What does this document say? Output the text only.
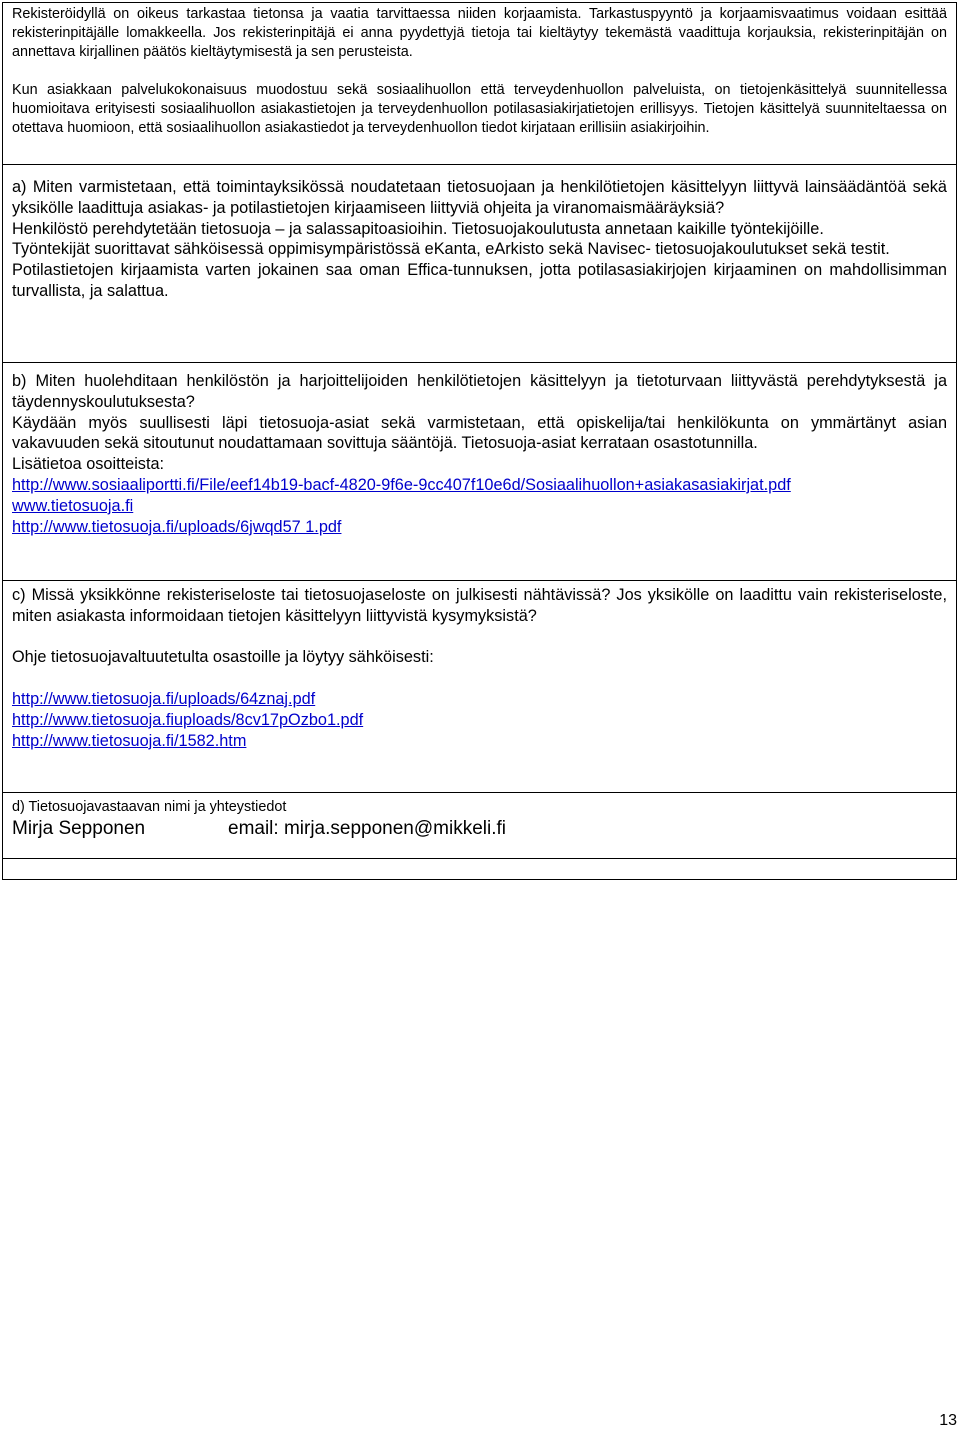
Rekisteröidyllä on oikeus tarkastaa tietonsa ja vaatia tarvittaessa niiden korjaamista. Tarkastuspyyntö ja korjaamisvaatimus voidaan esittää rekisterinpitäjälle lomakkeella. Jos rekisterinpitäjä ei anna pyydettyjä tietoja tai kieltäytyy tekemästä vaadittuja korjauksia, rekisterinpitäjän on annettava kirjallinen päätös kieltäytymisestä ja sen perusteista.

Kun asiakkaan palvelukokonaisuus muodostuu sekä sosiaalihuollon että terveydenhuollon palveluista, on tietojenkäsittelyä suunnitellessa huomioitava erityisesti sosiaalihuollon asiakastietojen ja terveydenhuollon potilasasiakirjatietojen erillisyys. Tietojen käsittelyä suunniteltaessa on otettava huomioon, että sosiaalihuollon asiakastiedot ja terveydenhuollon tiedot kirjataan erillisiin asiakirjoihin.

a) Miten varmistetaan, että toimintayksikössä noudatetaan tietosuojaan ja henkilötietojen käsittelyyn liittyvä lainsäädäntöä sekä yksikölle laadittuja asiakas- ja potilastietojen kirjaamiseen liittyviä ohjeita ja viranomaismääräyksiä?

Henkilöstö perehdytetään tietosuoja – ja salassapitoasioihin. Tietosuojakoulutusta annetaan kaikille työntekijöille.

Työntekijät suorittavat sähköisessä oppimisympäristössä eKanta, eArkisto sekä Navisec- tietosuojakoulutukset sekä testit.

Potilastietojen kirjaamista varten jokainen saa oman Effica-tunnuksen, jotta potilasasiakirjojen kirjaaminen on mahdollisimman turvallista, ja salattua.

b) Miten huolehditaan henkilöstön ja harjoittelijoiden henkilötietojen käsittelyyn ja tietoturvaan liittyvästä perehdytyksestä ja täydennyskoulutuksesta?

Käydään myös suullisesti läpi tietosuoja-asiat sekä varmistetaan, että opiskelija/tai henkilökunta on ymmärtänyt asian vakavuuden sekä sitoutunut noudattamaan sovittuja sääntöjä. Tietosuoja-asiat kerrataan osastotunnilla.

Lisätietoa osoitteista:

http://www.sosiaaliportti.fi/File/eef14b19-bacf-4820-9f6e-9cc407f10e6d/Sosiaalihuollon+asiakasasiakirjat.pdf

www.tietosuoja.fi

http://www.tietosuoja.fi/uploads/6jwqd57 1.pdf

c) Missä yksikkönne rekisteriseloste tai tietosuojaseloste on julkisesti nähtävissä? Jos yksikölle on laadittu vain rekisteriseloste, miten asiakasta informoidaan tietojen käsittelyyn liittyvistä kysymyksistä?

Ohje tietosuojavaltuutetulta osastoille ja löytyy sähköisesti:

http://www.tietosuoja.fi/uploads/64znaj.pdf

http://www.tietosuoja.fiuploads/8cv17pOzbo1.pdf

http://www.tietosuoja.fi/1582.htm

d) Tietosuojavastaavan nimi ja yhteystiedot

Mirja Sepponen	email: mirja.sepponen@mikkeli.fi

13
